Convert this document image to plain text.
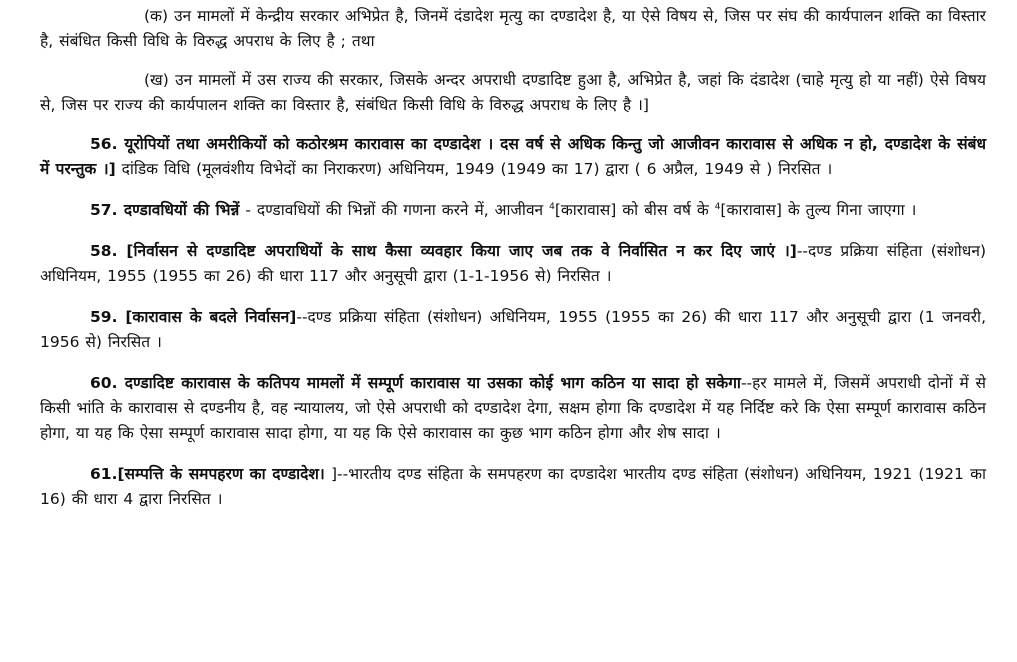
(क) उन मामलों में केन्द्रीय सरकार अभिप्रेत है, जिनमें दंडादेश मृत्यु का दण्डादेश है, या ऐसे विषय से, जिस पर संघ की कार्यपालन शक्ति का विस्तार है, संबंधित किसी विधि के विरुद्ध अपराध के लिए है ; तथा

(ख) उन मामलों में उस राज्य की सरकार, जिसके अन्दर अपराधी दण्डादिष्ट हुआ है, अभिप्रेत है, जहां कि दंडादेश (चाहे मृत्यु हो या नहीं) ऐसे विषय से, जिस पर राज्य की कार्यपालन शक्ति का विस्तार है, संबंधित किसी विधि के विरुद्ध अपराध के लिए है ।]

56. यूरोपियों तथा अमरीकियों को कठोरश्रम कारावास का दण्डादेश । दस वर्ष से अधिक किन्तु जो आजीवन कारावास से अधिक न हो, दण्डादेश के संबंध में परन्तुक ।] दांडिक विधि (मूलवंशीय विभेदों का निराकरण) अधिनियम, 1949 (1949 का 17) द्वारा ( 6 अप्रैल, 1949 से ) निरसित ।

57. दण्डावधियों की भिन्नें - दण्डावधियों की भिन्नों की गणना करने में, आजीवन $^4$[कारावास] को बीस वर्ष के $^4$[कारावास] के तुल्य गिना जाएगा ।

58. [निर्वासन से दण्डादिष्ट अपराधियों के साथ कैसा व्यवहार किया जाए जब तक वे निर्वासित न कर दिए जाएं ।]--दण्ड प्रक्रिया संहिता (संशोधन) अधिनियम, 1955 (1955 का 26) की धारा 117 और अनुसूची द्वारा (1-1-1956 से) निरसित ।

59. [कारावास के बदले निर्वासन]--दण्ड प्रक्रिया संहिता (संशोधन) अधिनियम, 1955 (1955 का 26) की धारा 117 और अनुसूची द्वारा (1 जनवरी, 1956 से) निरसित ।

60. दण्डादिष्ट कारावास के कतिपय मामलों में सम्पूर्ण कारावास या उसका कोई भाग कठिन या सादा हो सकेगा--हर मामले में, जिसमें अपराधी दोनों में से किसी भांति के कारावास से दण्डनीय है, वह न्यायालय, जो ऐसे अपराधी को दण्डादेश देगा, सक्षम होगा कि दण्डादेश में यह निर्दिष्ट करे कि ऐसा सम्पूर्ण कारावास कठिन होगा, या यह कि ऐसा सम्पूर्ण कारावास सादा होगा, या यह कि ऐसे कारावास का कुछ भाग कठिन होगा और शेष सादा ।

61.[सम्पत्ति के समपहरण का दण्डादेश। ]--भारतीय दण्ड संहिता के समपहरण का दण्डादेश भारतीय दण्ड संहिता (संशोधन) अधिनियम, 1921 (1921 का 16) की धारा 4 द्वारा निरसित ।
